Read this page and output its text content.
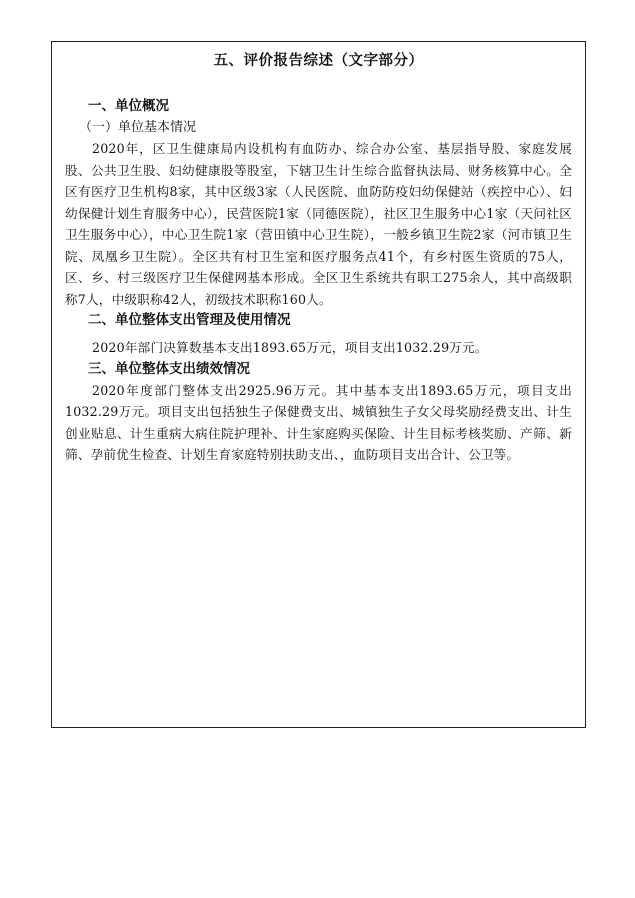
五、评价报告综述（文字部分）

一、单位概况

（一）单位基本情况

2020年，区卫生健康局内设机构有血防办、综合办公室、基层指导股、家庭发展股、公共卫生股、妇幼健康股等股室，下辖卫生计生综合监督执法局、财务核算中心。全区有医疗卫生机构8家，其中区级3家（人民医院、血防防疫妇幼保健站（疾控中心）、妇幼保健计划生育服务中心），民营医院1家（同德医院），社区卫生服务中心1家（天问社区卫生服务中心），中心卫生院1家（营田镇中心卫生院），一般乡镇卫生院2家（河市镇卫生院、凤凰乡卫生院）。全区共有村卫生室和医疗服务点41个，有乡村医生资质的75人，区、乡、村三级医疗卫生保健网基本形成。全区卫生系统共有职工275余人，其中高级职称7人，中级职称42人，初级技术职称160人。

二、单位整体支出管理及使用情况

2020年部门决算数基本支出1893.65万元，项目支出1032.29万元。

三、单位整体支出绩效情况

2020年度部门整体支出2925.96万元。其中基本支出1893.65万元，项目支出1032.29万元。项目支出包括独生子保健费支出、城镇独生子女父母奖励经费支出、计生创业贴息、计生重病大病住院护理补、计生家庭购买保险、计生目标考核奖励、产筛、新筛、孕前优生检查、计划生育家庭特别扶助支出、，血防项目支出合计、公卫等。
